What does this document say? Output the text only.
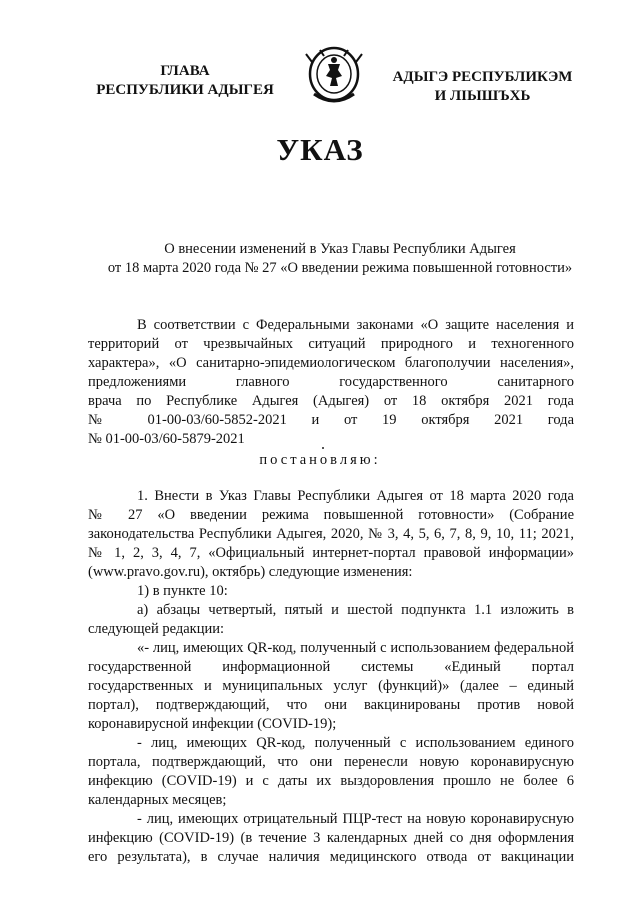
ГЛАВА
РЕСПУБЛИКИ АДЫГЕЯ
АДЫГЭ РЕСПУБЛИКЭМ
И ЛІЫШЪХЬ
УКАЗ
О внесении изменений в Указ Главы Республики Адыгея
от 18 марта 2020 года № 27 «О введении режима повышенной готовности»
В соответствии с Федеральными законами «О защите населения и
территорий от чрезвычайных ситуаций природного и техногенного
характера», «О санитарно-эпидемиологическом благополучии населения»,
предложениями главного государственного санитарного
врача по Республике Адыгея (Адыгея) от 18 октября 2021 года
№ 01-00-03/60-5852-2021 и от 19 октября 2021 года
№ 01-00-03/60-5879-2021
постановляю:
1. Внести в Указ Главы Республики Адыгея от 18 марта 2020 года
№ 27 «О введении режима повышенной готовности» (Собрание
законодательства Республики Адыгея, 2020, № 3, 4, 5, 6, 7, 8, 9, 10, 11; 2021,
№ 1, 2, 3, 4, 7, «Официальный интернет-портал правовой информации»
(www.pravo.gov.ru), октябрь) следующие изменения:
1) в пункте 10:
а) абзацы четвертый, пятый и шестой подпункта 1.1 изложить в
следующей редакции:
«- лиц, имеющих QR-код, полученный с использованием федеральной
государственной информационной системы «Единый портал
государственных и муниципальных услуг (функций)» (далее – единый
портал), подтверждающий, что они вакцинированы против новой
коронавирусной инфекции (COVID-19);
- лиц, имеющих QR-код, полученный с использованием единого
портала, подтверждающий, что они перенесли новую коронавирусную
инфекцию (COVID-19) и с даты их выздоровления прошло не более 6
календарных месяцев;
- лиц, имеющих отрицательный ПЦР-тест на новую коронавирусную
инфекцию (COVID-19) (в течение 3 календарных дней со дня оформления
его результата), в случае наличия медицинского отвода от вакцинации
